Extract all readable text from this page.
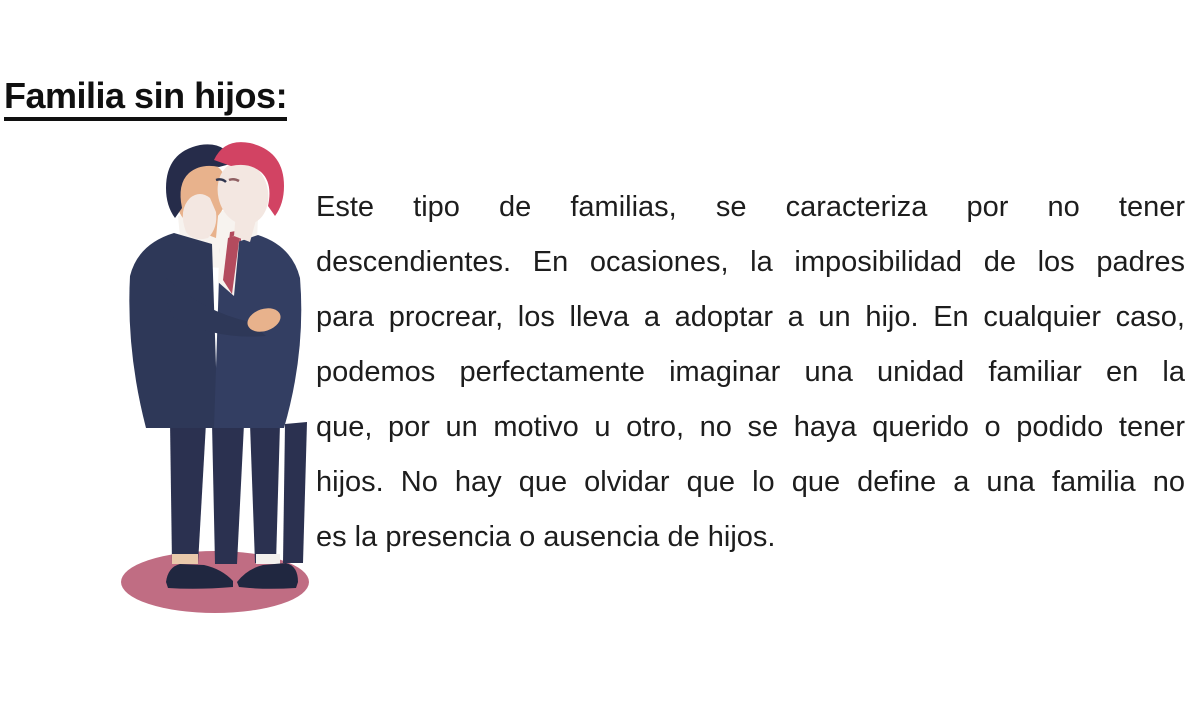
Familia sin hijos:
Este tipo de familias, se caracteriza por no tener
descendientes. En ocasiones, la imposibilidad de los padres
para procrear, los lleva a adoptar a un hijo. En cualquier caso,
podemos perfectamente imaginar una unidad familiar en la
que, por un motivo u otro, no se haya querido o podido tener
hijos. No hay que olvidar que lo que define a una familia no
es la presencia o ausencia de hijos.
